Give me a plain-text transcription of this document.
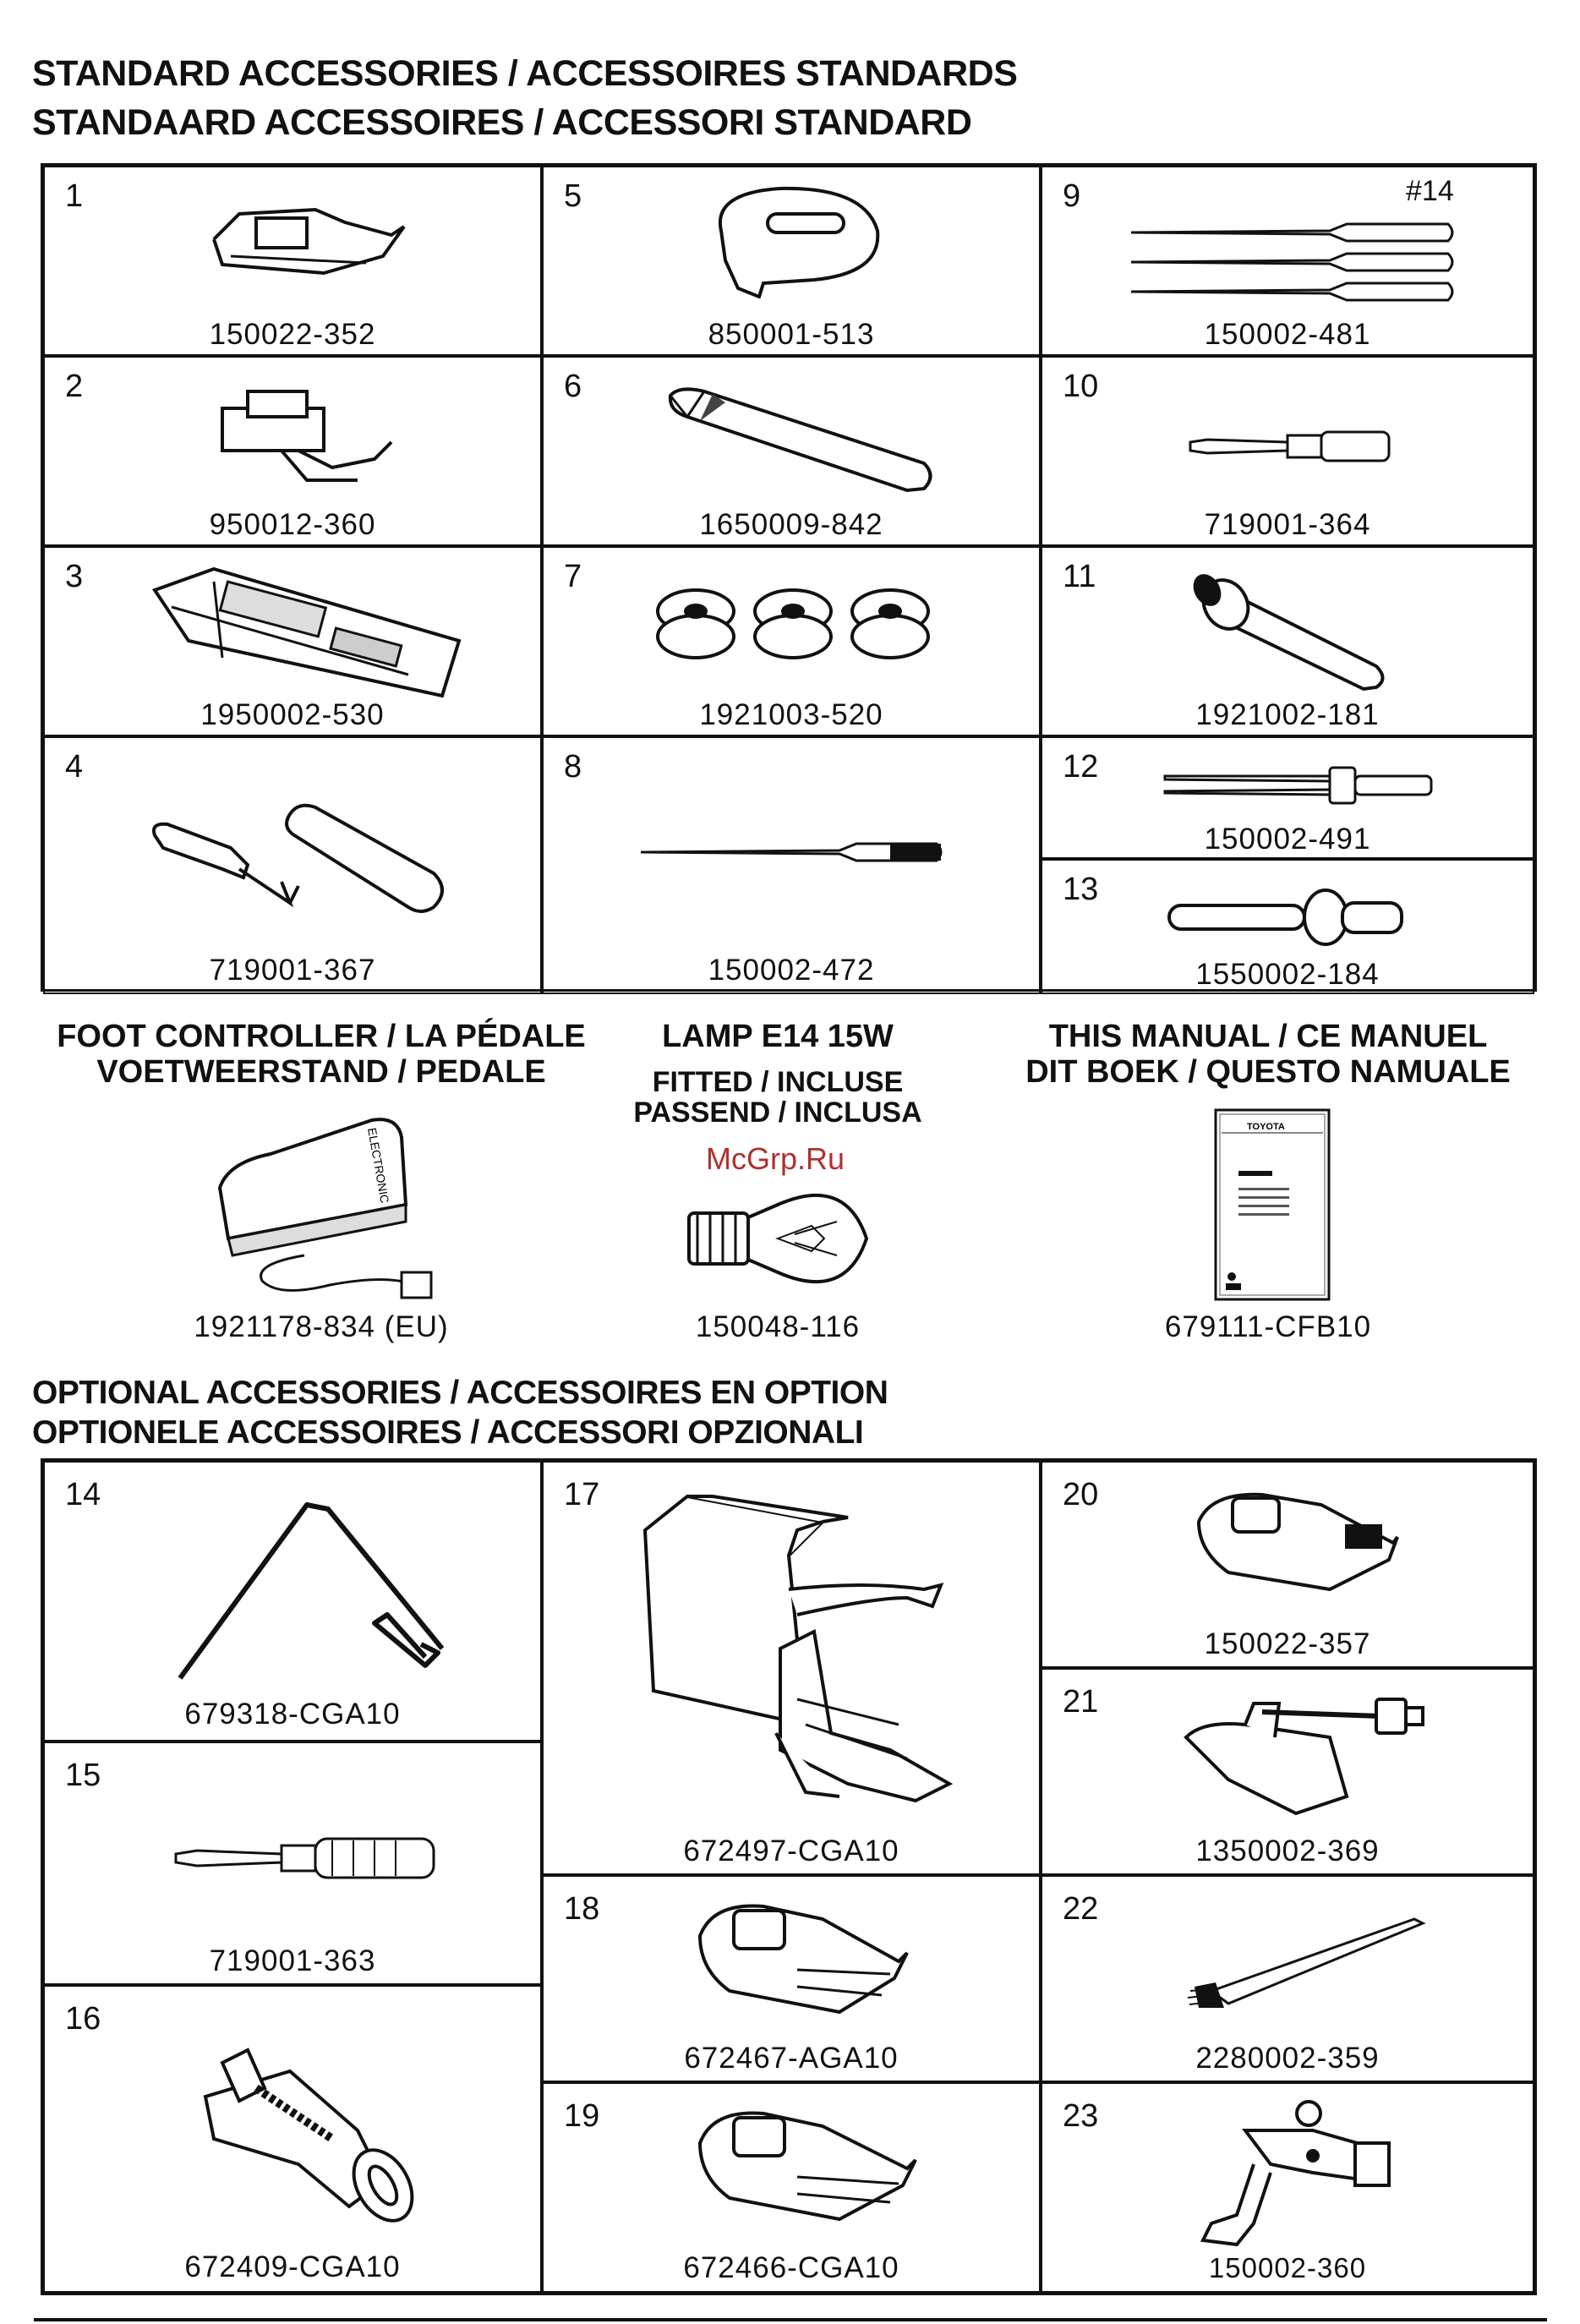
STANDARD ACCESSORIES / ACCESSOIRES STANDARDS
STANDAARD ACCESSOIRES / ACCESSORI STANDARD
1
150022-352
2
950012-360
3
1950002-530
4
719001-367
5
850001-513
6
1650009-842
7
1921003-520
8
150002-472
9	#14
150002-481
10
719001-364
11
1921002-181
12
150002-491
13
1550002-184
FOOT CONTROLLER / LA PÉDALE
VOETWEERSTAND / PEDALE
ELECTRONIC
1921178-834 (EU)
LAMP E14 15W
FITTED / INCLUSE
PASSEND / INCLUSA
McGrp.Ru
150048-116
THIS MANUAL / CE MANUEL
DIT BOEK / QUESTO NAMUALE
TOYOTA
679111-CFB10
OPTIONAL ACCESSORIES / ACCESSOIRES EN OPTION
OPTIONELE ACCESSOIRES / ACCESSORI OPZIONALI
14
679318-CGA10
15
719001-363
16
672409-CGA10
17
672497-CGA10
18
672467-AGA10
19
672466-CGA10
20
150022-357
21
1350002-369
22
2280002-359
23
150002-360
